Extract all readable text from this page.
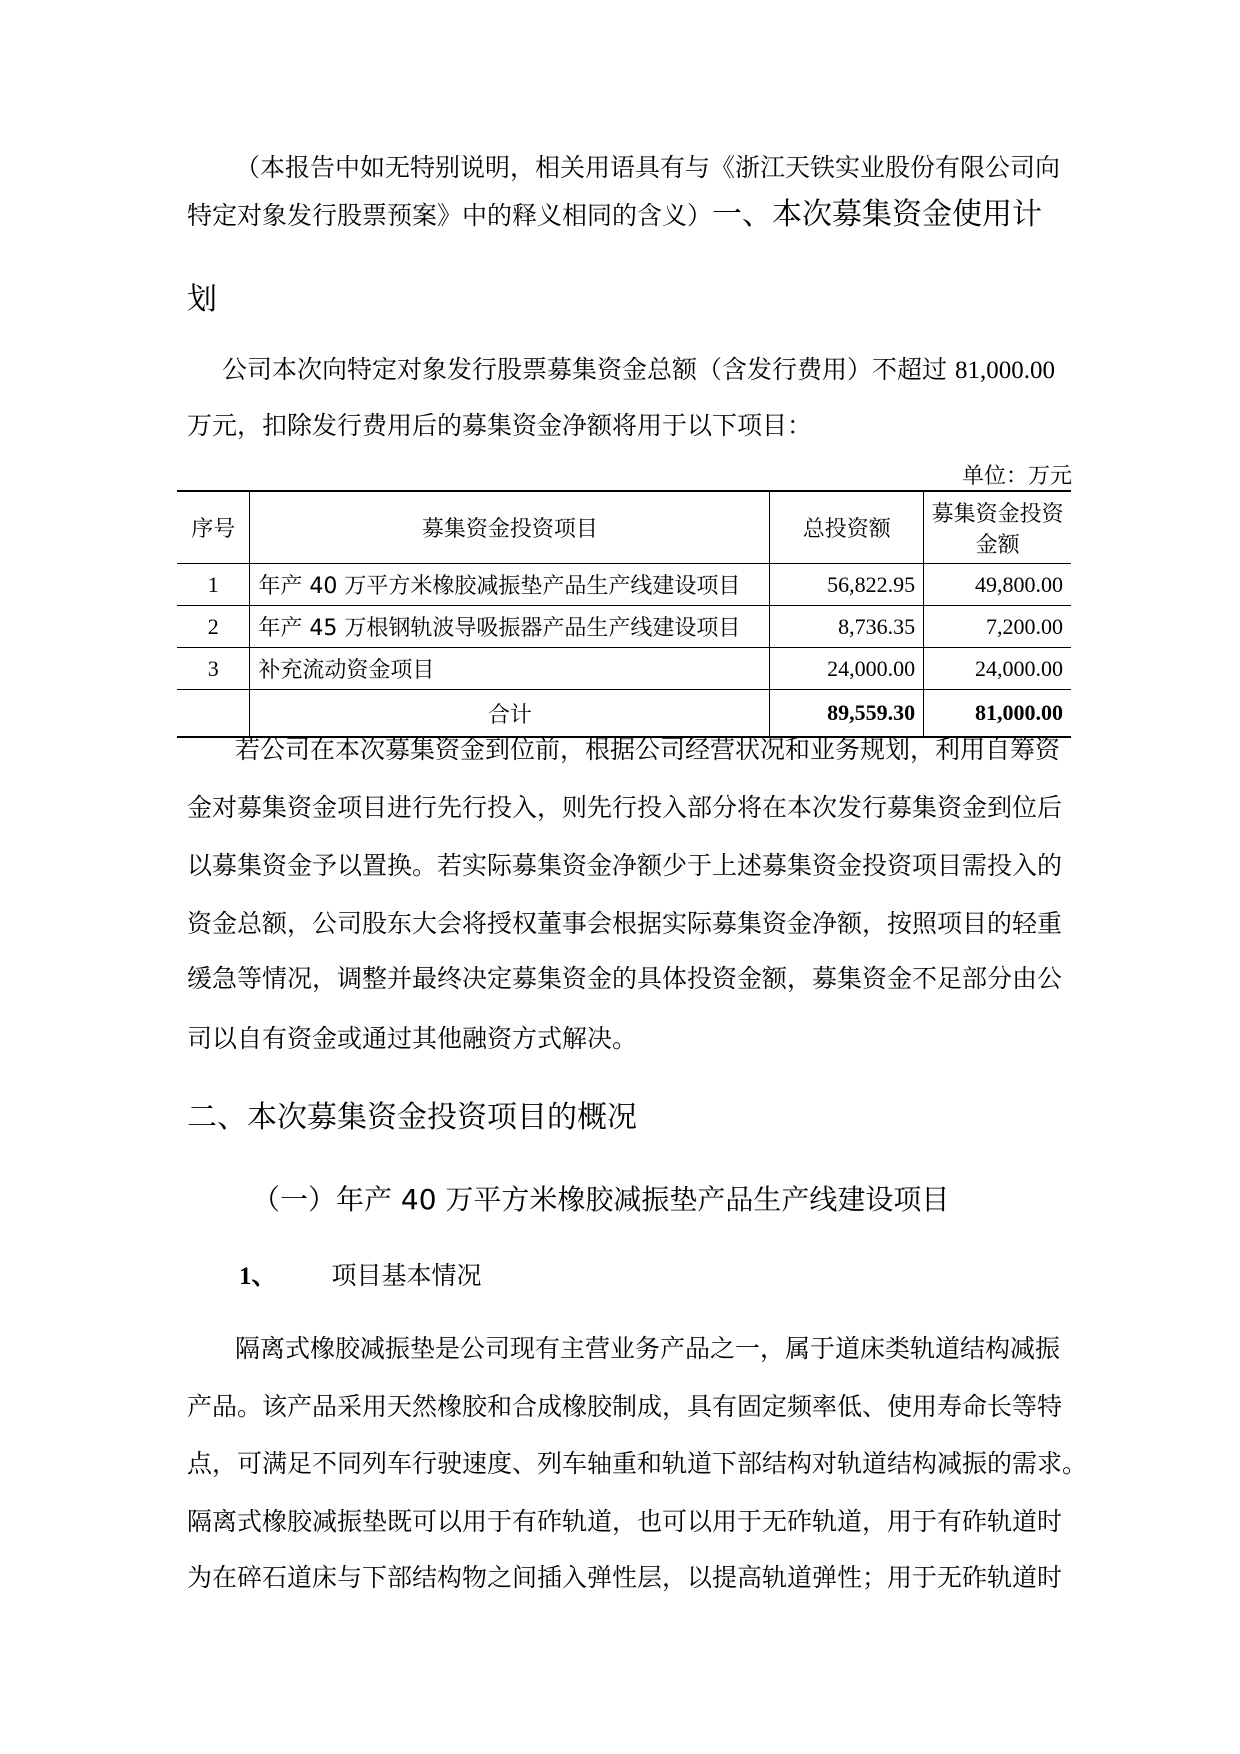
（本报告中如无特别说明，相关用语具有与《浙江天铁实业股份有限公司向
特定对象发行股票预案》中的释义相同的含义）一、本次募集资金使用计
划
公司本次向特定对象发行股票募集资金总额（含发行费用）不超过 81,000.00
万元，扣除发行费用后的募集资金净额将用于以下项目：
单位：万元
序号	募集资金投资项目	总投资额	募集资金投资金额
1	年产 40 万平方米橡胶减振垫产品生产线建设项目	56,822.95	49,800.00
2	年产 45 万根钢轨波导吸振器产品生产线建设项目	8,736.35	7,200.00
3	补充流动资金项目	24,000.00	24,000.00
	合计	89,559.30	81,000.00
若公司在本次募集资金到位前，根据公司经营状况和业务规划，利用自筹资
金对募集资金项目进行先行投入，则先行投入部分将在本次发行募集资金到位后
以募集资金予以置换。若实际募集资金净额少于上述募集资金投资项目需投入的
资金总额，公司股东大会将授权董事会根据实际募集资金净额，按照项目的轻重
缓急等情况，调整并最终决定募集资金的具体投资金额，募集资金不足部分由公
司以自有资金或通过其他融资方式解决。
二、本次募集资金投资项目的概况
（一）年产 40 万平方米橡胶减振垫产品生产线建设项目
1、 项目基本情况
隔离式橡胶减振垫是公司现有主营业务产品之一，属于道床类轨道结构减振
产品。该产品采用天然橡胶和合成橡胶制成，具有固定频率低、使用寿命长等特
点，可满足不同列车行驶速度、列车轴重和轨道下部结构对轨道结构减振的需求。
隔离式橡胶减振垫既可以用于有砟轨道，也可以用于无砟轨道，用于有砟轨道时
为在碎石道床与下部结构物之间插入弹性层，以提高轨道弹性；用于无砟轨道时
